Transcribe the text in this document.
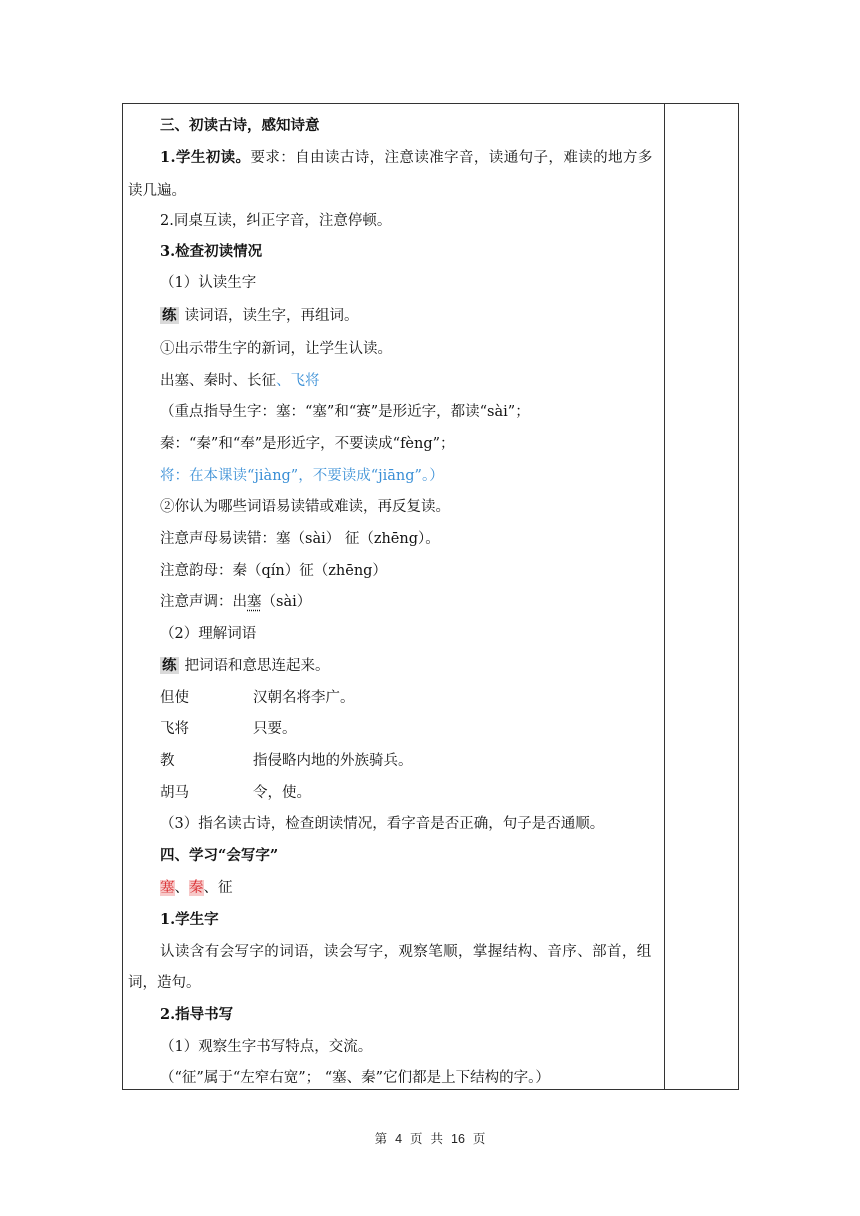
三、初读古诗，感知诗意
1.学生初读。要求：自由读古诗，注意读准字音，读通句子，难读的地方多
读几遍。
2.同桌互读，纠正字音，注意停顿。
3.检查初读情况
（1）认读生字
练 读词语，读生字，再组词。
①出示带生字的新词，让学生认读。
出塞、秦时、长征、飞将
（重点指导生字：塞：“塞”和“赛”是形近字，都读“sài”；
秦：“秦”和“奉”是形近字，不要读成“fèng”；
将：在本课读“jiàng”，不要读成“jiāng”。）
②你认为哪些词语易读错或难读，再反复读。
注意声母易读错：塞（sài） 征（zhēng）。
注意韵母：秦（qín）征（zhēng）
注意声调：出塞（sài）
（2）理解词语
练 把词语和意思连起来。
但使	汉朝名将李广。
飞将	只要。
教	指侵略内地的外族骑兵。
胡马	令，使。
（3）指名读古诗，检查朗读情况，看字音是否正确，句子是否通顺。
四、学习“会写字”
塞、秦、征
1.学生字
认读含有会写字的词语，读会写字，观察笔顺，掌握结构、音序、部首，组
词，造句。
2.指导书写
（1）观察生字书写特点，交流。
（“征”属于“左窄右宽”； “塞、秦”它们都是上下结构的字。）
第 4 页 共 16 页
